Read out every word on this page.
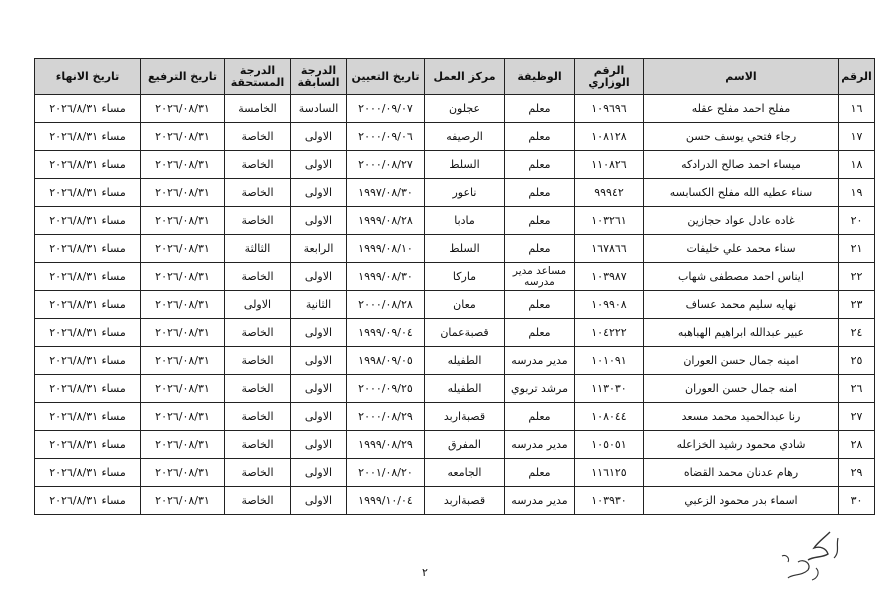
الرقم	الاسم	الرقم الوزاري	الوظيفة	مركز العمل	تاريخ التعيين	الدرجة السابقة	الدرجة المستحقة	تاريخ الترفيع	تاريخ الانهاء
١٦	مفلح احمد مفلح عقله	١٠٩٦٩٦	معلم	عجلون	٢٠٠٠/٠٩/٠٧	السادسة	الخامسة	٢٠٢٦/٠٨/٣١	مساء ٢٠٢٦/٨/٣١
١٧	رجاء فتحي يوسف حسن	١٠٨١٢٨	معلم	الرصيفه	٢٠٠٠/٠٩/٠٦	الاولى	الخاصة	٢٠٢٦/٠٨/٣١	مساء ٢٠٢٦/٨/٣١
١٨	ميساء احمد صالح الدرادكه	١١٠٨٢٦	معلم	السلط	٢٠٠٠/٠٨/٢٧	الاولى	الخاصة	٢٠٢٦/٠٨/٣١	مساء ٢٠٢٦/٨/٣١
١٩	سناء عطيه الله مفلح الكسابسه	٩٩٩٤٢	معلم	ناعور	١٩٩٧/٠٨/٣٠	الاولى	الخاصة	٢٠٢٦/٠٨/٣١	مساء ٢٠٢٦/٨/٣١
٢٠	غاده عادل عواد حجازين	١٠٣٢٦١	معلم	مادبا	١٩٩٩/٠٨/٢٨	الاولى	الخاصة	٢٠٢٦/٠٨/٣١	مساء ٢٠٢٦/٨/٣١
٢١	سناء محمد علي خليفات	١٦٧٨٦٦	معلم	السلط	١٩٩٩/٠٨/١٠	الرابعة	الثالثة	٢٠٢٦/٠٨/٣١	مساء ٢٠٢٦/٨/٣١
٢٢	ايناس احمد مصطفى شهاب	١٠٣٩٨٧	مساعد مدير مدرسه	ماركا	١٩٩٩/٠٨/٣٠	الاولى	الخاصة	٢٠٢٦/٠٨/٣١	مساء ٢٠٢٦/٨/٣١
٢٣	نهايه سليم محمد عساف	١٠٩٩٠٨	معلم	معان	٢٠٠٠/٠٨/٢٨	الثانية	الاولى	٢٠٢٦/٠٨/٣١	مساء ٢٠٢٦/٨/٣١
٢٤	عبير عبدالله ابراهيم الهباهبه	١٠٤٢٢٢	معلم	قصبةعمان	١٩٩٩/٠٩/٠٤	الاولى	الخاصة	٢٠٢٦/٠٨/٣١	مساء ٢٠٢٦/٨/٣١
٢٥	امينه جمال حسن العوران	١٠١٠٩١	مدير مدرسه	الطفيله	١٩٩٨/٠٩/٠٥	الاولى	الخاصة	٢٠٢٦/٠٨/٣١	مساء ٢٠٢٦/٨/٣١
٢٦	امنه جمال حسن العوران	١١٣٠٣٠	مرشد تربوي	الطفيله	٢٠٠٠/٠٩/٢٥	الاولى	الخاصة	٢٠٢٦/٠٨/٣١	مساء ٢٠٢٦/٨/٣١
٢٧	رنا عبدالحميد محمد مسعد	١٠٨٠٤٤	معلم	قصبةاربد	٢٠٠٠/٠٨/٢٩	الاولى	الخاصة	٢٠٢٦/٠٨/٣١	مساء ٢٠٢٦/٨/٣١
٢٨	شادي محمود رشيد الخزاعله	١٠٥٠٥١	مدير مدرسه	المفرق	١٩٩٩/٠٨/٢٩	الاولى	الخاصة	٢٠٢٦/٠٨/٣١	مساء ٢٠٢٦/٨/٣١
٢٩	رهام عدنان محمد القضاه	١١٦١٢٥	معلم	الجامعه	٢٠٠١/٠٨/٢٠	الاولى	الخاصة	٢٠٢٦/٠٨/٣١	مساء ٢٠٢٦/٨/٣١
٣٠	اسماء بدر محمود الزعبي	١٠٣٩٣٠	مدير مدرسه	قصبةاربد	١٩٩٩/١٠/٠٤	الاولى	الخاصة	٢٠٢٦/٠٨/٣١	مساء ٢٠٢٦/٨/٣١
٢
